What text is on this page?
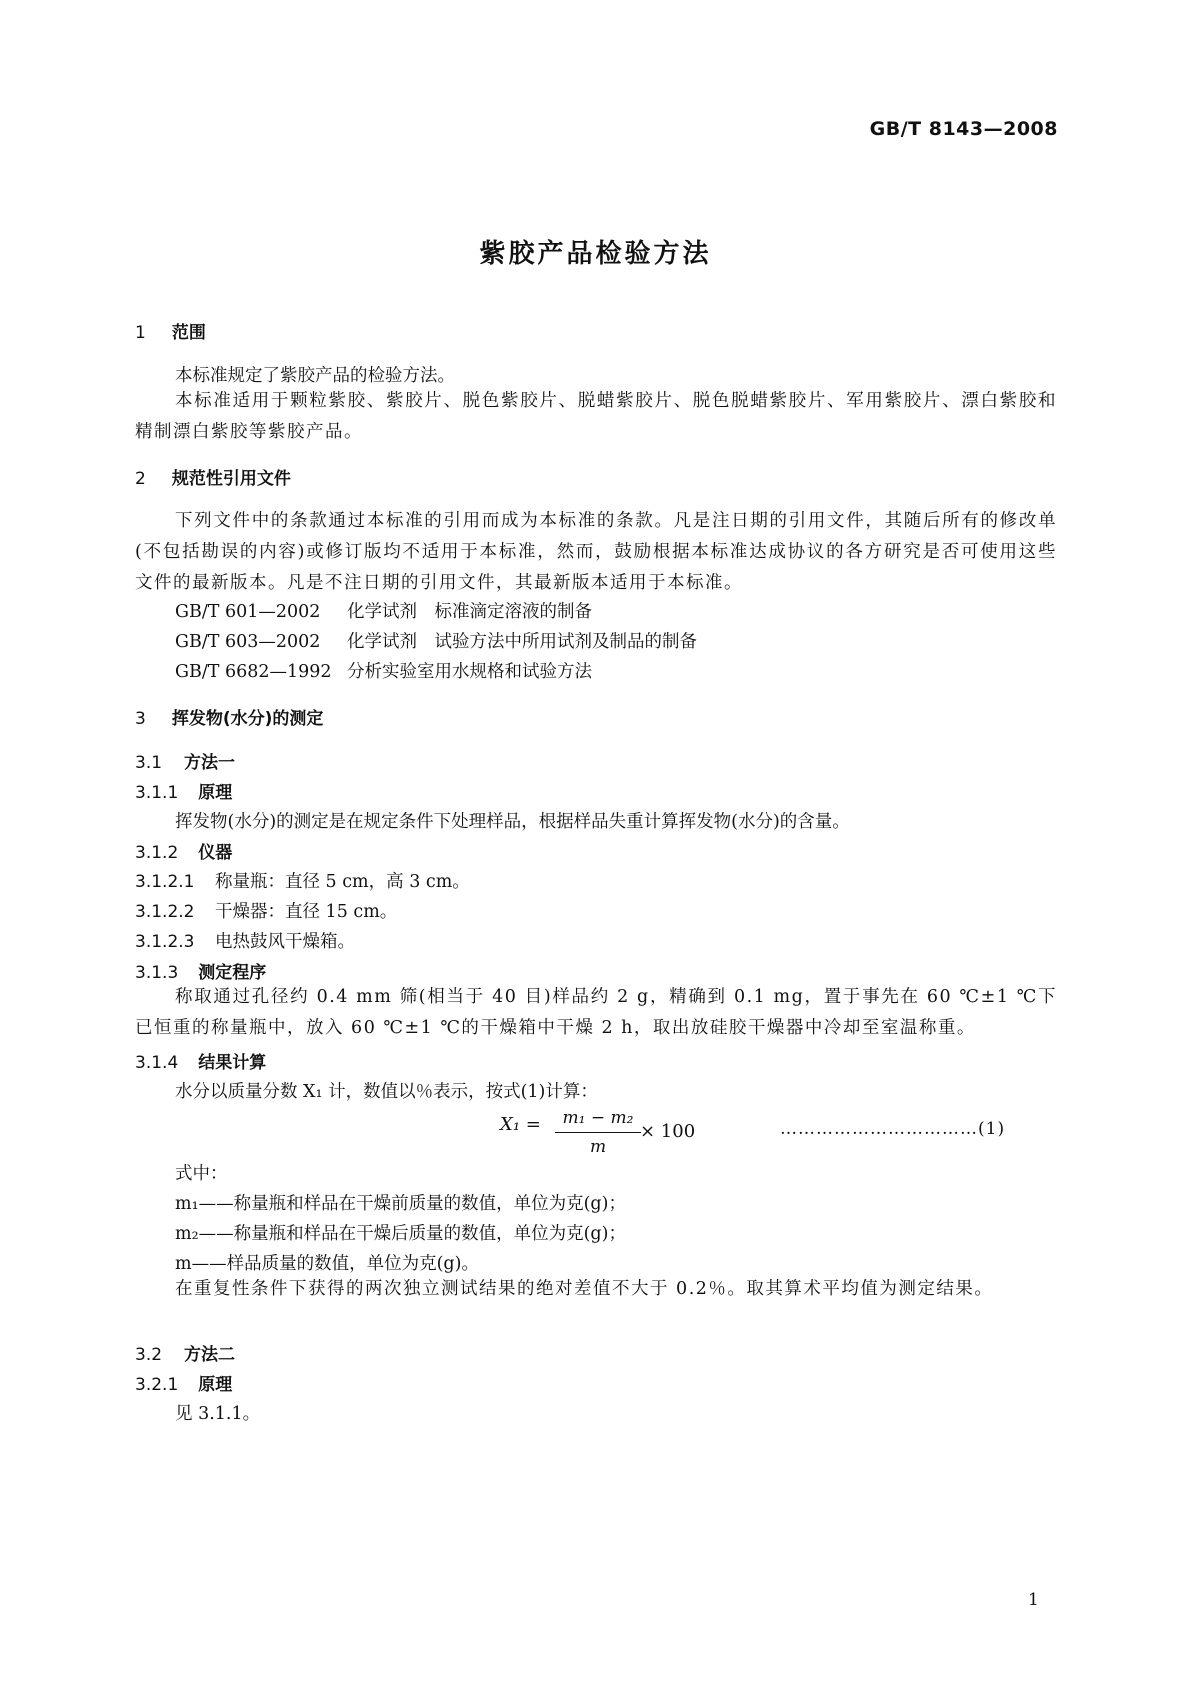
GB/T 8143—2008
紫胶产品检验方法
1 范围
本标准规定了紫胶产品的检验方法。
本标准适用于颗粒紫胶、紫胶片、脱色紫胶片、脱蜡紫胶片、脱色脱蜡紫胶片、军用紫胶片、漂白紫胶和精制漂白紫胶等紫胶产品。
2 规范性引用文件
下列文件中的条款通过本标准的引用而成为本标准的条款。凡是注日期的引用文件，其随后所有的修改单(不包括勘误的内容)或修订版均不适用于本标准，然而，鼓励根据本标准达成协议的各方研究是否可使用这些文件的最新版本。凡是不注日期的引用文件，其最新版本适用于本标准。
GB/T 601—2002 化学试剂　标准滴定溶液的制备
GB/T 603—2002 化学试剂　试验方法中所用试剂及制品的制备
GB/T 6682—1992 分析实验室用水规格和试验方法
3 挥发物(水分)的测定
3.1 方法一
3.1.1 原理
挥发物(水分)的测定是在规定条件下处理样品，根据样品失重计算挥发物(水分)的含量。
3.1.2 仪器
3.1.2.1 称量瓶：直径 5 cm，高 3 cm。
3.1.2.2 干燥器：直径 15 cm。
3.1.2.3 电热鼓风干燥箱。
3.1.3 测定程序
称取通过孔径约 0.4 mm 筛(相当于 40 目)样品约 2 g，精确到 0.1 mg，置于事先在 60 ℃±1 ℃下已恒重的称量瓶中，放入 60 ℃±1 ℃的干燥箱中干燥 2 h，取出放硅胶干燥器中冷却至室温称重。
3.1.4 结果计算
水分以质量分数 X₁ 计，数值以％表示，按式(1)计算：
X₁ =	m₁ − m₂
m
× 100	……………………………(1)
式中：
m₁——称量瓶和样品在干燥前质量的数值，单位为克(g)；
m₂——称量瓶和样品在干燥后质量的数值，单位为克(g)；
m——样品质量的数值，单位为克(g)。
在重复性条件下获得的两次独立测试结果的绝对差值不大于 0.2％。取其算术平均值为测定结果。
3.2 方法二
3.2.1 原理
见 3.1.1。
1
